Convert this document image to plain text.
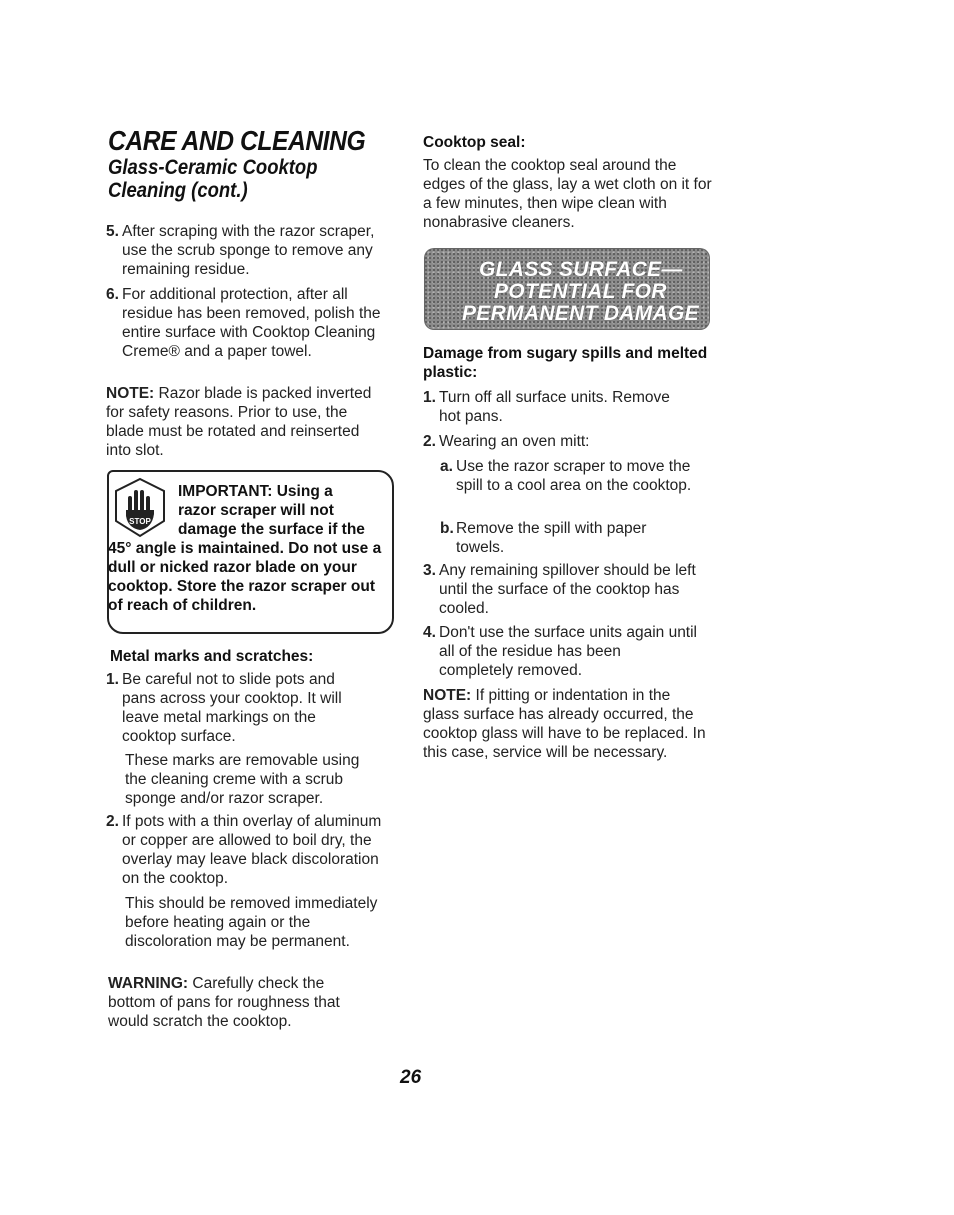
CARE AND CLEANING
Glass-Ceramic Cooktop
Cleaning (cont.)
5. After scraping with the razor scraper, use the scrub sponge to remove any remaining residue.
6. For additional protection, after all residue has been removed, polish the entire surface with Cooktop Cleaning Creme® and a paper towel.
NOTE: Razor blade is packed inverted for safety reasons. Prior to use, the blade must be rotated and reinserted into slot.
STOP
IMPORTANT: Using a
razor scraper will not
damage the surface if the
45° angle is maintained. Do not use a dull or nicked razor blade on your cooktop. Store the razor scraper out of reach of children.
Metal marks and scratches:
1. Be careful not to slide pots and pans across your cooktop. It will leave metal markings on the cooktop surface.
These marks are removable using the cleaning creme with a scrub sponge and/or razor scraper.
2. If pots with a thin overlay of aluminum or copper are allowed to boil dry, the overlay may leave black discoloration on the cooktop.
This should be removed immediately before heating again or the discoloration may be permanent.
WARNING: Carefully check the bottom of pans for roughness that would scratch the cooktop.
Cooktop seal:
To clean the cooktop seal around the edges of the glass, lay a wet cloth on it for a few minutes, then wipe clean with nonabrasive cleaners.
GLASS SURFACE—
POTENTIAL FOR
PERMANENT DAMAGE
Damage from sugary spills and melted plastic:
1. Turn off all surface units. Remove hot pans.
2. Wearing an oven mitt:
a. Use the razor scraper to move the spill to a cool area on the cooktop.
b. Remove the spill with paper towels.
3. Any remaining spillover should be left until the surface of the cooktop has cooled.
4. Don't use the surface units again until all of the residue has been completely removed.
NOTE: If pitting or indentation in the glass surface has already occurred, the cooktop glass will have to be replaced. In this case, service will be necessary.
26
